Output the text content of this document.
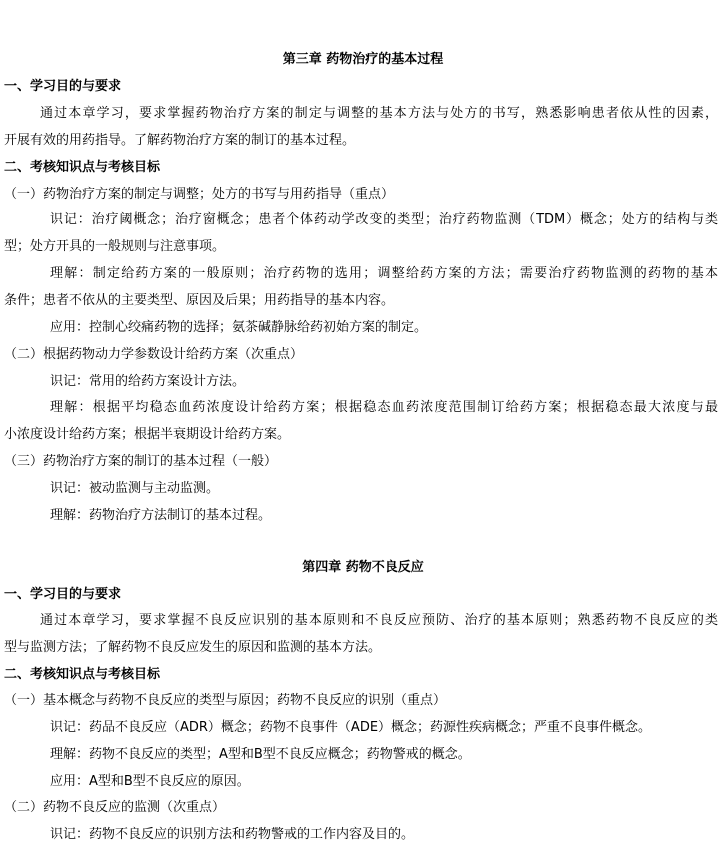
第三章 药物治疗的基本过程
一、学习目的与要求
通过本章学习，要求掌握药物治疗方案的制定与调整的基本方法与处方的书写，熟悉影响患者依从性的因素，
开展有效的用药指导。了解药物治疗方案的制订的基本过程。
二、考核知识点与考核目标
（一）药物治疗方案的制定与调整；处方的书写与用药指导（重点）
识记：治疗阈概念；治疗窗概念；患者个体药动学改变的类型；治疗药物监测（TDM）概念；处方的结构与类
型；处方开具的一般规则与注意事项。
理解：制定给药方案的一般原则；治疗药物的选用；调整给药方案的方法；需要治疗药物监测的药物的基本
条件；患者不依从的主要类型、原因及后果；用药指导的基本内容。
应用：控制心绞痛药物的选择；氨茶碱静脉给药初始方案的制定。
（二）根据药物动力学参数设计给药方案（次重点）
识记：常用的给药方案设计方法。
理解：根据平均稳态血药浓度设计给药方案；根据稳态血药浓度范围制订给药方案；根据稳态最大浓度与最
小浓度设计给药方案；根据半衰期设计给药方案。
（三）药物治疗方案的制订的基本过程（一般）
识记：被动监测与主动监测。
理解：药物治疗方法制订的基本过程。
第四章 药物不良反应
一、学习目的与要求
通过本章学习，要求掌握不良反应识别的基本原则和不良反应预防、治疗的基本原则；熟悉药物不良反应的类
型与监测方法；了解药物不良反应发生的原因和监测的基本方法。
二、考核知识点与考核目标
（一）基本概念与药物不良反应的类型与原因；药物不良反应的识别（重点）
识记：药品不良反应（ADR）概念；药物不良事件（ADE）概念；药源性疾病概念；严重不良事件概念。
理解：药物不良反应的类型；A型和B型不良反应概念；药物警戒的概念。
应用：A型和B型不良反应的原因。
（二）药物不良反应的监测（次重点）
识记：药物不良反应的识别方法和药物警戒的工作内容及目的。
